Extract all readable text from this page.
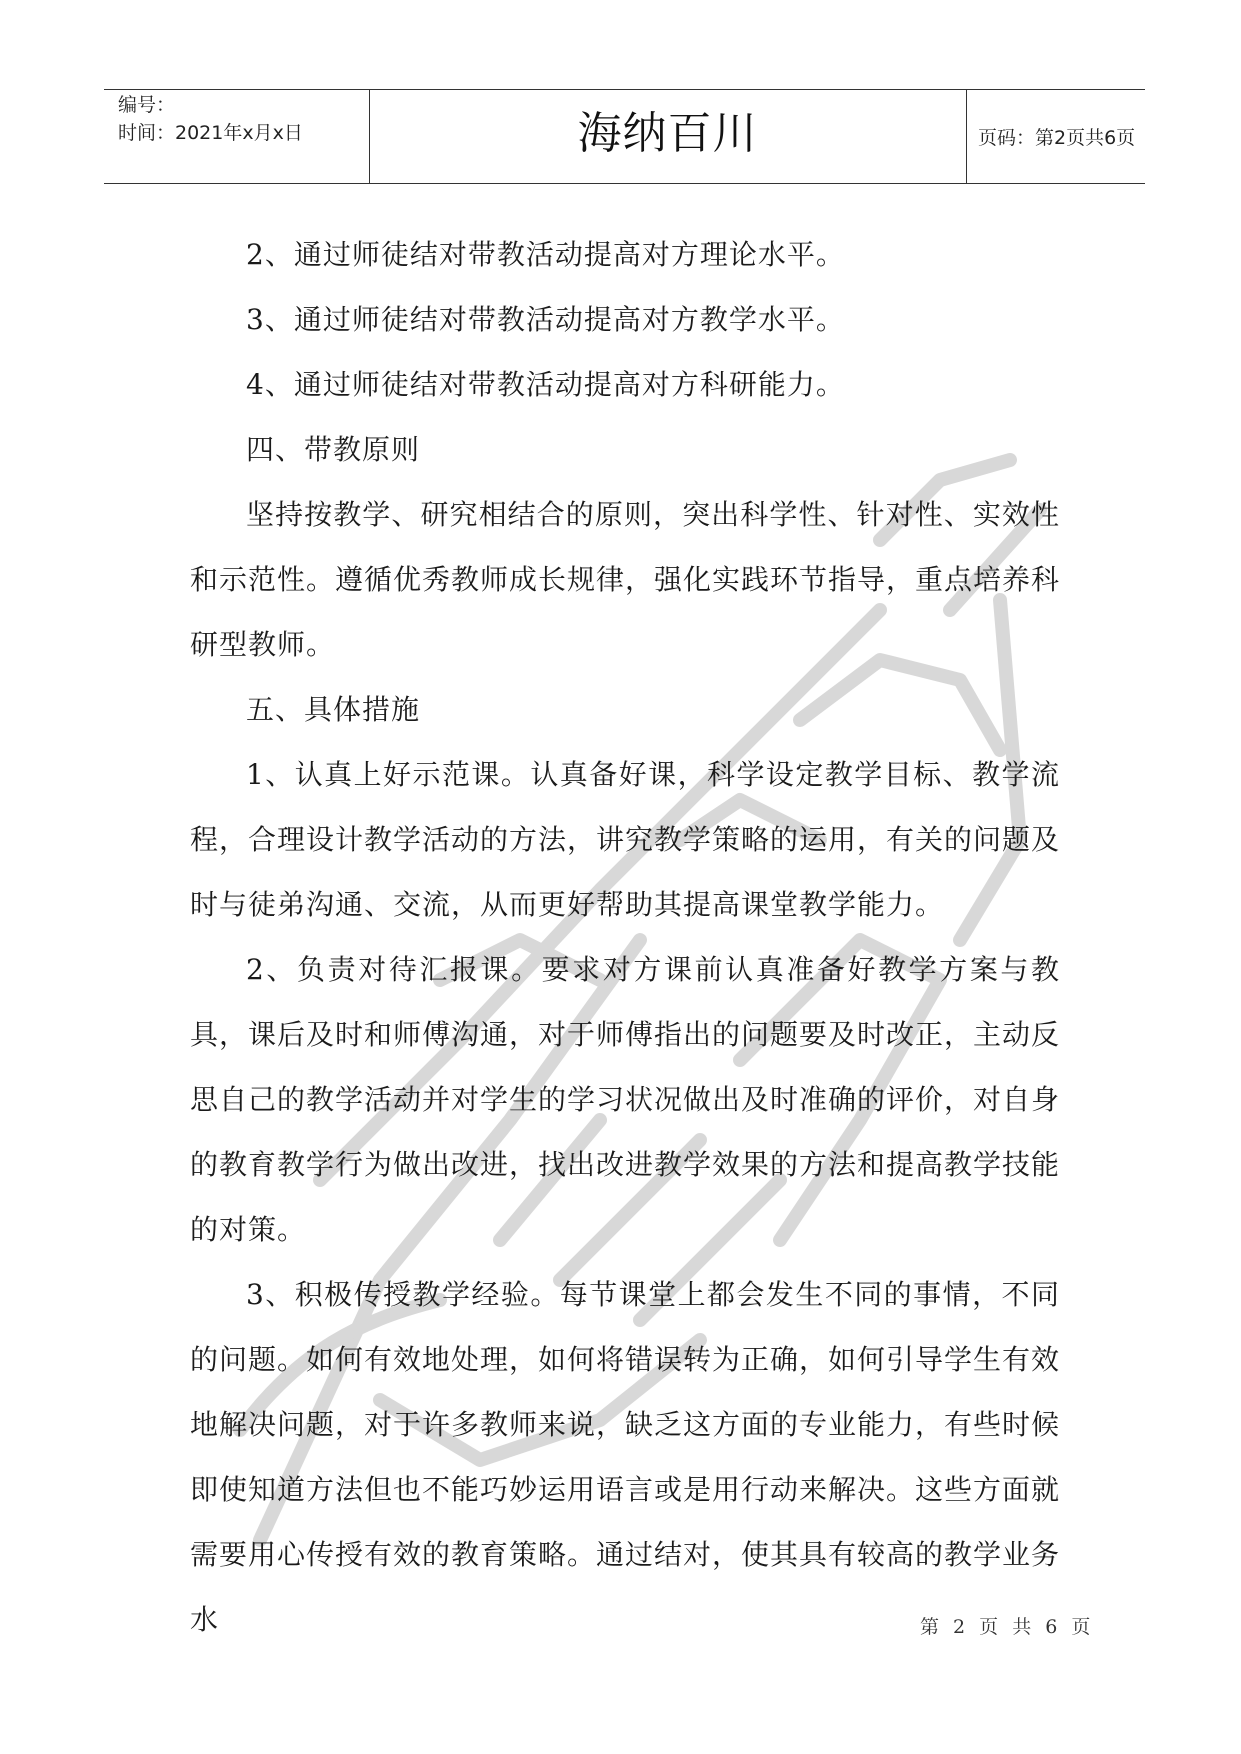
编号：
时间：2021年x月x日	海纳百川	页码：第2页共6页

2、通过师徒结对带教活动提高对方理论水平。

3、通过师徒结对带教活动提高对方教学水平。

4、通过师徒结对带教活动提高对方科研能力。

四、带教原则

坚持按教学、研究相结合的原则，突出科学性、针对性、实效性和示范性。遵循优秀教师成长规律，强化实践环节指导，重点培养科研型教师。

五、具体措施

1、认真上好示范课。认真备好课，科学设定教学目标、教学流程，合理设计教学活动的方法，讲究教学策略的运用，有关的问题及时与徒弟沟通、交流，从而更好帮助其提高课堂教学能力。

2、负责对待汇报课。要求对方课前认真准备好教学方案与教具，课后及时和师傅沟通，对于师傅指出的问题要及时改正，主动反思自己的教学活动并对学生的学习状况做出及时准确的评价，对自身的教育教学行为做出改进，找出改进教学效果的方法和提高教学技能的对策。

3、积极传授教学经验。每节课堂上都会发生不同的事情，不同的问题。如何有效地处理，如何将错误转为正确，如何引导学生有效地解决问题，对于许多教师来说，缺乏这方面的专业能力，有些时候即使知道方法但也不能巧妙运用语言或是用行动来解决。这些方面就需要用心传授有效的教育策略。通过结对，使其具有较高的教学业务水	第 2 页 共 6 页
